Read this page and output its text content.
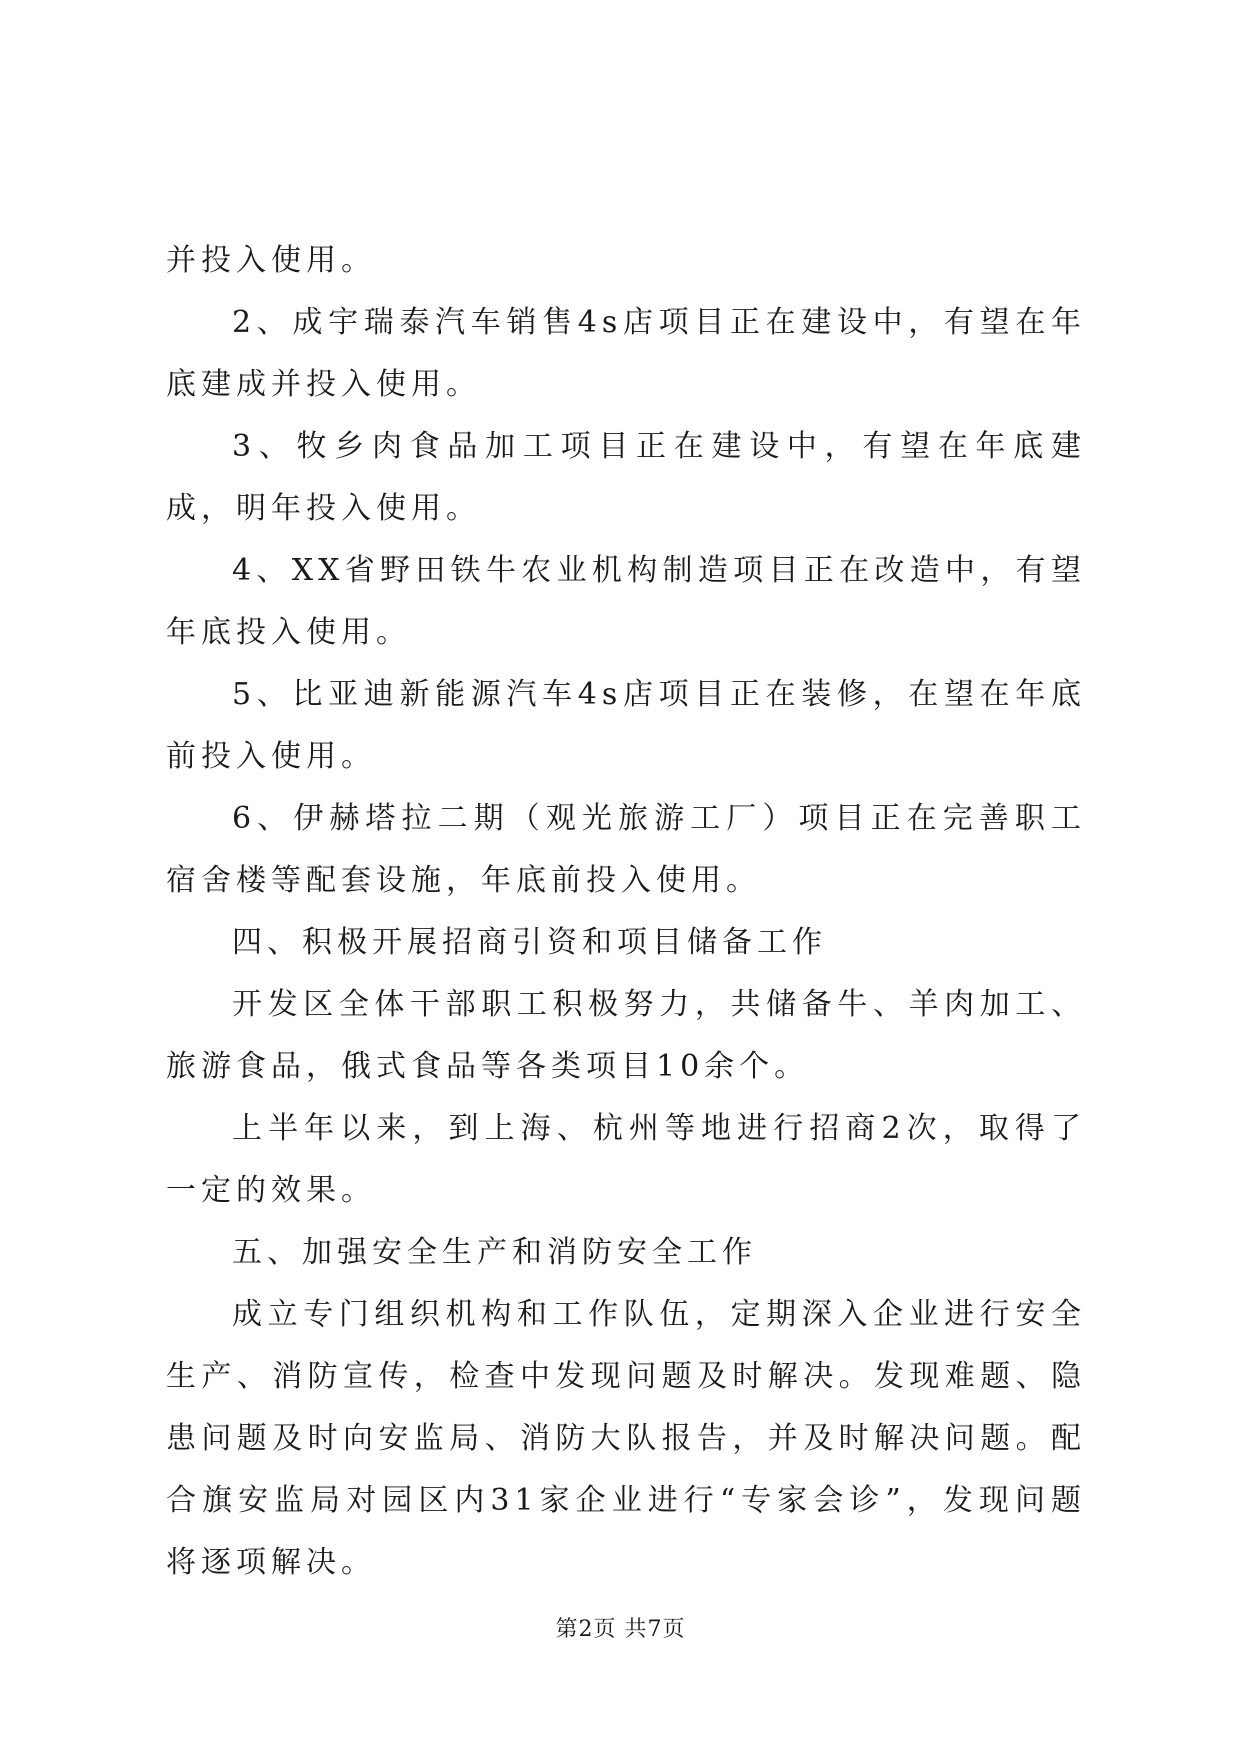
并投入使用。

2、成宇瑞泰汽车销售4s店项目正在建设中，有望在年底建成并投入使用。

3、牧乡肉食品加工项目正在建设中，有望在年底建成，明年投入使用。

4、XX省野田铁牛农业机构制造项目正在改造中，有望年底投入使用。

5、比亚迪新能源汽车4s店项目正在装修，在望在年底前投入使用。

6、伊赫塔拉二期（观光旅游工厂）项目正在完善职工宿舍楼等配套设施，年底前投入使用。

四、积极开展招商引资和项目储备工作

开发区全体干部职工积极努力，共储备牛、羊肉加工、旅游食品，俄式食品等各类项目10余个。

上半年以来，到上海、杭州等地进行招商2次，取得了一定的效果。

五、加强安全生产和消防安全工作

成立专门组织机构和工作队伍，定期深入企业进行安全生产、消防宣传，检查中发现问题及时解决。发现难题、隐患问题及时向安监局、消防大队报告，并及时解决问题。配合旗安监局对园区内31家企业进行“专家会诊”，发现问题将逐项解决。

第2页 共7页
